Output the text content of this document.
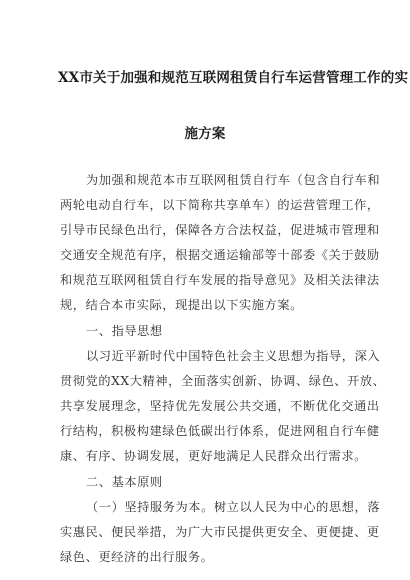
XX市关于加强和规范互联网租赁自行车运营管理工作的实
施方案
为加强和规范本市互联网租赁自行车（包含自行车和
两轮电动自行车，以下简称共享单车）的运营管理工作，
引导市民绿色出行，保障各方合法权益，促进城市管理和
交通安全规范有序，根据交通运输部等十部委《关于鼓励
和规范互联网租赁自行车发展的指导意见》及相关法律法
规，结合本市实际，现提出以下实施方案。
一、指导思想
以习近平新时代中国特色社会主义思想为指导，深入
贯彻党的XX大精神，全面落实创新、协调、绿色、开放、
共享发展理念，坚持优先发展公共交通，不断优化交通出
行结构，积极构建绿色低碳出行体系，促进网租自行车健
康、有序、协调发展，更好地满足人民群众出行需求。
二、基本原则
（一）坚持服务为本。树立以人民为中心的思想，落
实惠民、便民举措，为广大市民提供更安全、更便捷、更
绿色、更经济的出行服务。
